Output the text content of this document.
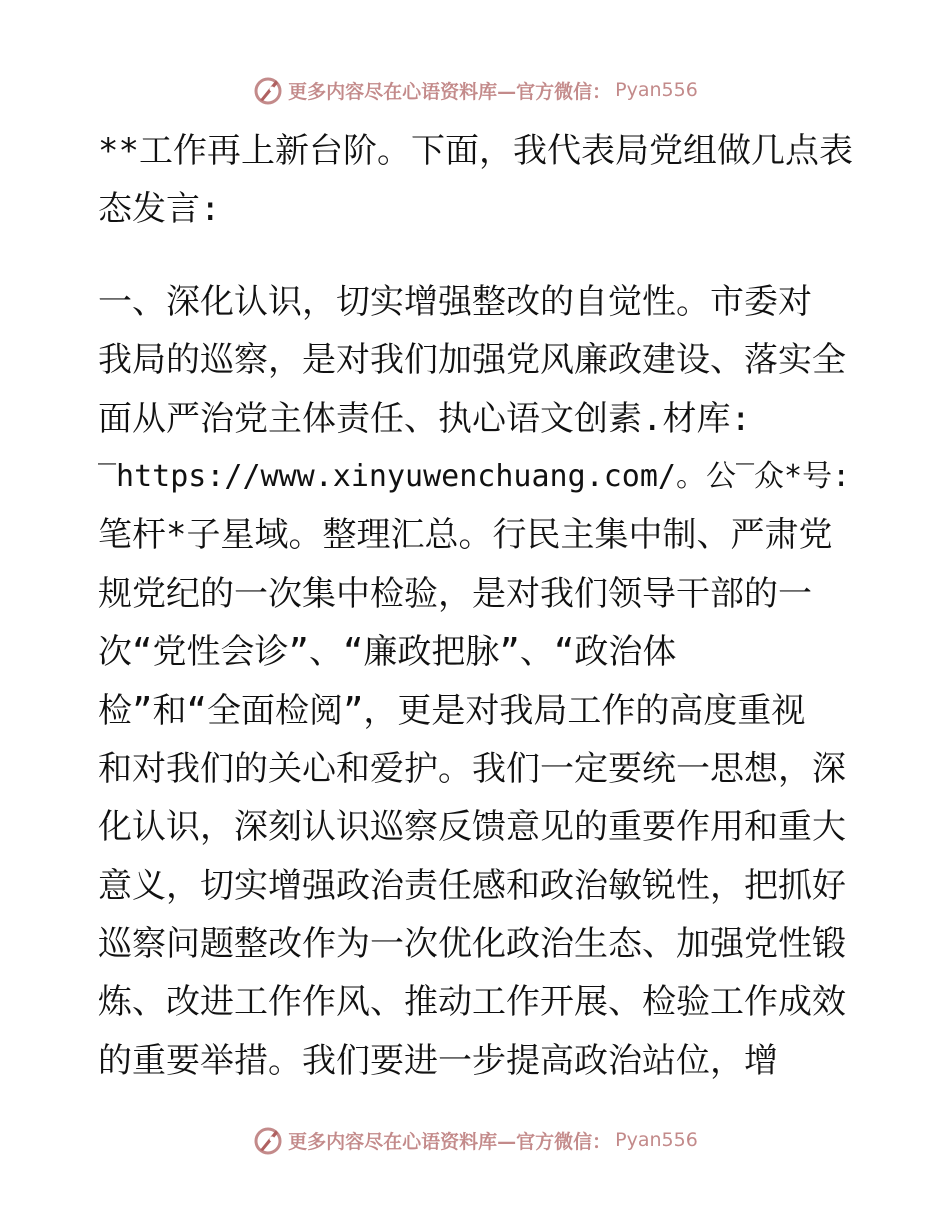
更多内容尽在心语资料库—官方微信： Pyan556
**工作再上新台阶。下面，我代表局党组做几点表
态发言:
一、深化认识，切实增强整改的自觉性。市委对
我局的巡察，是对我们加强党风廉政建设、落实全
面从严治党主体责任、执心语文创素.材库:
‾https://www.xinyuwenchuang.com/。公‾众*号:
笔杆*子星域。整理汇总。行民主集中制、严肃党
规党纪的一次集中检验，是对我们领导干部的一
次“党性会诊”、“廉政把脉”、“政治体
检”和“全面检阅”，更是对我局工作的高度重视
和对我们的关心和爱护。我们一定要统一思想，深
化认识，深刻认识巡察反馈意见的重要作用和重大
意义，切实增强政治责任感和政治敏锐性，把抓好
巡察问题整改作为一次优化政治生态、加强党性锻
炼、改进工作作风、推动工作开展、检验工作成效
的重要举措。我们要进一步提高政治站位，增
更多内容尽在心语资料库—官方微信： Pyan556
